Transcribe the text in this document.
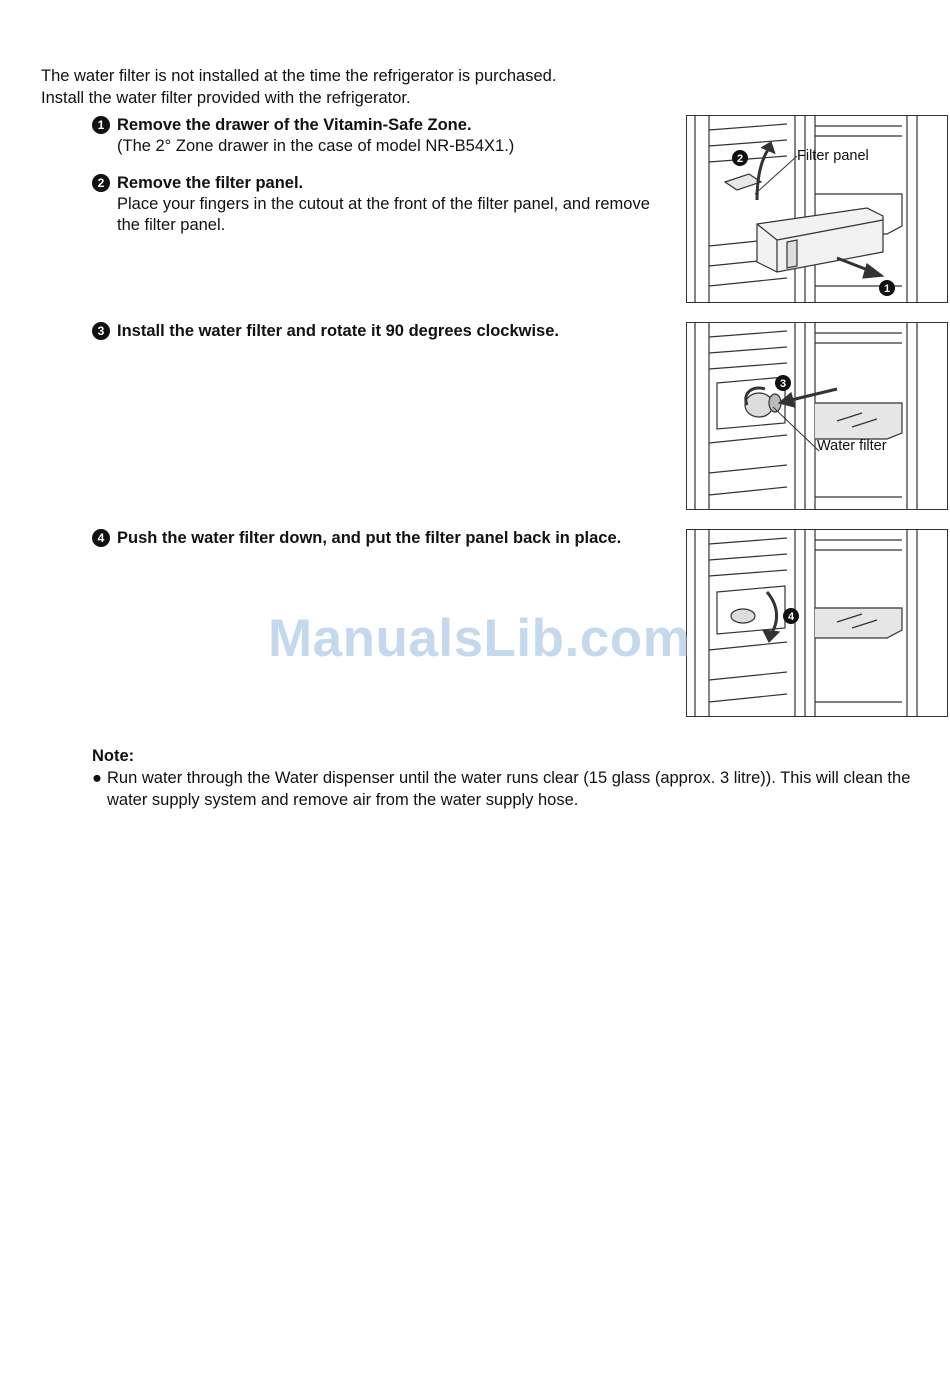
The water filter is not installed at the time the refrigerator is purchased.
Install the water filter provided with the refrigerator.
1 Remove the drawer of the Vitamin-Safe Zone.
(The 2° Zone drawer in the case of model NR-B54X1.)
2 Remove the filter panel.
Place your fingers in the cutout at the front of the filter panel, and remove the filter panel.
3 Install the water filter and rotate it 90 degrees clockwise.
4 Push the water filter down, and put the filter panel back in place.
2
1
Filter panel
3
Water filter
4
ManualsLib.com
Note:
● Run water through the Water dispenser until the water runs clear (15 glass (approx. 3 litre)). This will clean the water supply system and remove air from the water supply hose.
